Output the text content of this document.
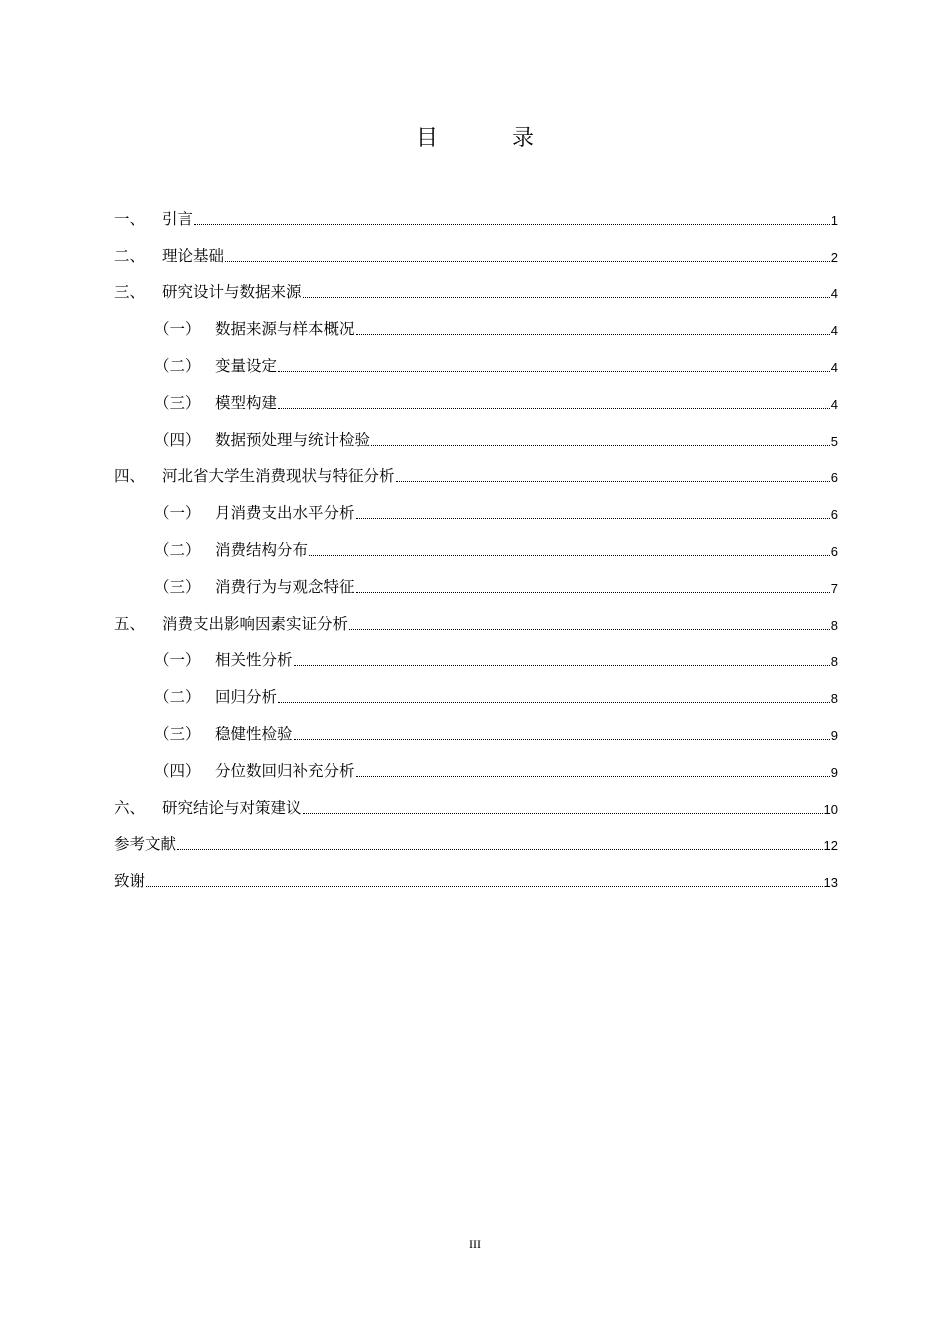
目　录
一、	引言	1
二、	理论基础	2
三、	研究设计与数据来源	4
（一） 数据来源与样本概况	4
（二） 变量设定	4
（三） 模型构建	4
（四） 数据预处理与统计检验	5
四、	河北省大学生消费现状与特征分析	6
（一） 月消费支出水平分析	6
（二） 消费结构分布	6
（三） 消费行为与观念特征	7
五、	消费支出影响因素实证分析	8
（一） 相关性分析	8
（二） 回归分析	8
（三） 稳健性检验	9
（四） 分位数回归补充分析	9
六、	研究结论与对策建议	10
参考文献	12
致谢	13
III
